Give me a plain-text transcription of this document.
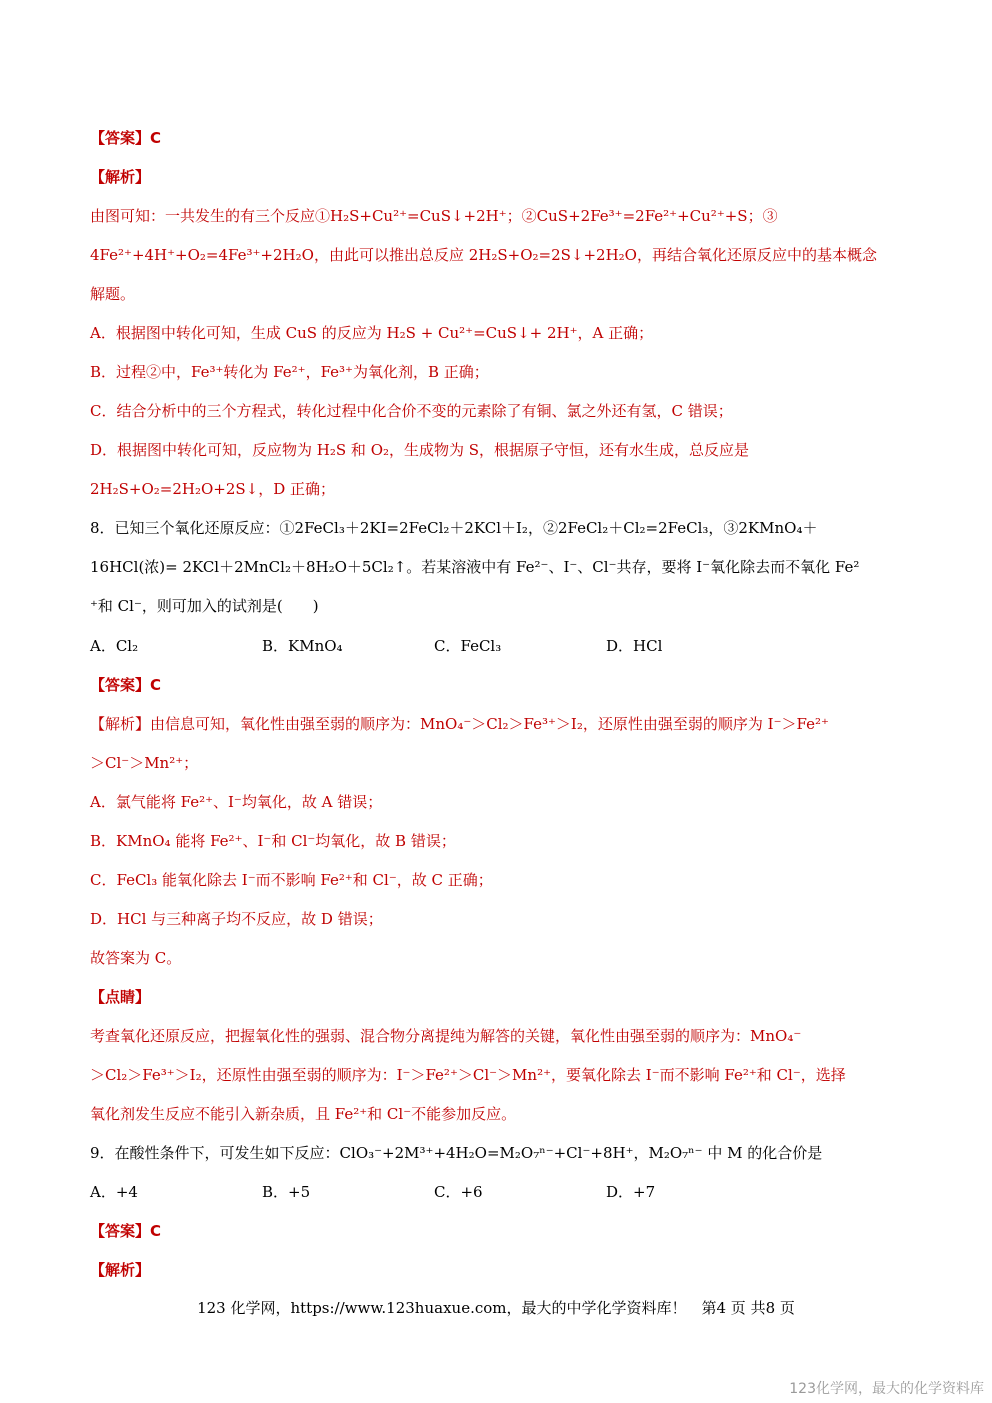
【答案】C
【解析】
由图可知：一共发生的有三个反应①H₂S+Cu²⁺=CuS↓+2H⁺；②CuS+2Fe³⁺=2Fe²⁺+Cu²⁺+S；③
4Fe²⁺+4H⁺+O₂=4Fe³⁺+2H₂O，由此可以推出总反应 2H₂S+O₂=2S↓+2H₂O，再结合氧化还原反应中的基本概念
解题。
A．根据图中转化可知，生成 CuS 的反应为 H₂S + Cu²⁺=CuS↓+ 2H⁺，A 正确；
B．过程②中，Fe³⁺转化为 Fe²⁺，Fe³⁺为氧化剂，B 正确；
C．结合分析中的三个方程式，转化过程中化合价不变的元素除了有铜、氯之外还有氢，C 错误；
D．根据图中转化可知，反应物为 H₂S 和 O₂，生成物为 S，根据原子守恒，还有水生成，总反应是
2H₂S+O₂=2H₂O+2S↓，D 正确；
8．已知三个氧化还原反应：①2FeCl₃＋2KI=2FeCl₂＋2KCl＋I₂，②2FeCl₂＋Cl₂=2FeCl₃，③2KMnO₄＋
16HCl(浓)= 2KCl＋2MnCl₂＋8H₂O＋5Cl₂↑。若某溶液中有 Fe²⁻、I⁻、Cl⁻共存，要将 I⁻氧化除去而不氧化 Fe²
⁺和 Cl⁻，则可加入的试剂是(　　)
A．Cl₂	B．KMnO₄	C．FeCl₃	D．HCl
【答案】C
【解析】由信息可知，氧化性由强至弱的顺序为：MnO₄⁻＞Cl₂＞Fe³⁺＞I₂，还原性由强至弱的顺序为 I⁻＞Fe²⁺
＞Cl⁻＞Mn²⁺；
A．氯气能将 Fe²⁺、I⁻均氧化，故 A 错误；
B．KMnO₄ 能将 Fe²⁺、I⁻和 Cl⁻均氧化，故 B 错误；
C．FeCl₃ 能氧化除去 I⁻而不影响 Fe²⁺和 Cl⁻，故 C 正确；
D．HCl 与三种离子均不反应，故 D 错误；
故答案为 C。
【点睛】
考查氧化还原反应，把握氧化性的强弱、混合物分离提纯为解答的关键，氧化性由强至弱的顺序为：MnO₄⁻
＞Cl₂＞Fe³⁺＞I₂，还原性由强至弱的顺序为：I⁻＞Fe²⁺＞Cl⁻＞Mn²⁺，要氧化除去 I⁻而不影响 Fe²⁺和 Cl⁻，选择
氧化剂发生反应不能引入新杂质，且 Fe²⁺和 Cl⁻不能参加反应。
9．在酸性条件下，可发生如下反应：ClO₃⁻+2M³⁺+4H₂O=M₂O₇ⁿ⁻+Cl⁻+8H⁺，M₂O₇ⁿ⁻ 中 M 的化合价是
A．+4	B．+5	C．+6	D．+7
【答案】C
【解析】
123 化学网，https://www.123huaxue.com，最大的中学化学资料库！　第4 页 共8 页
123化学网，最大的化学资料库
